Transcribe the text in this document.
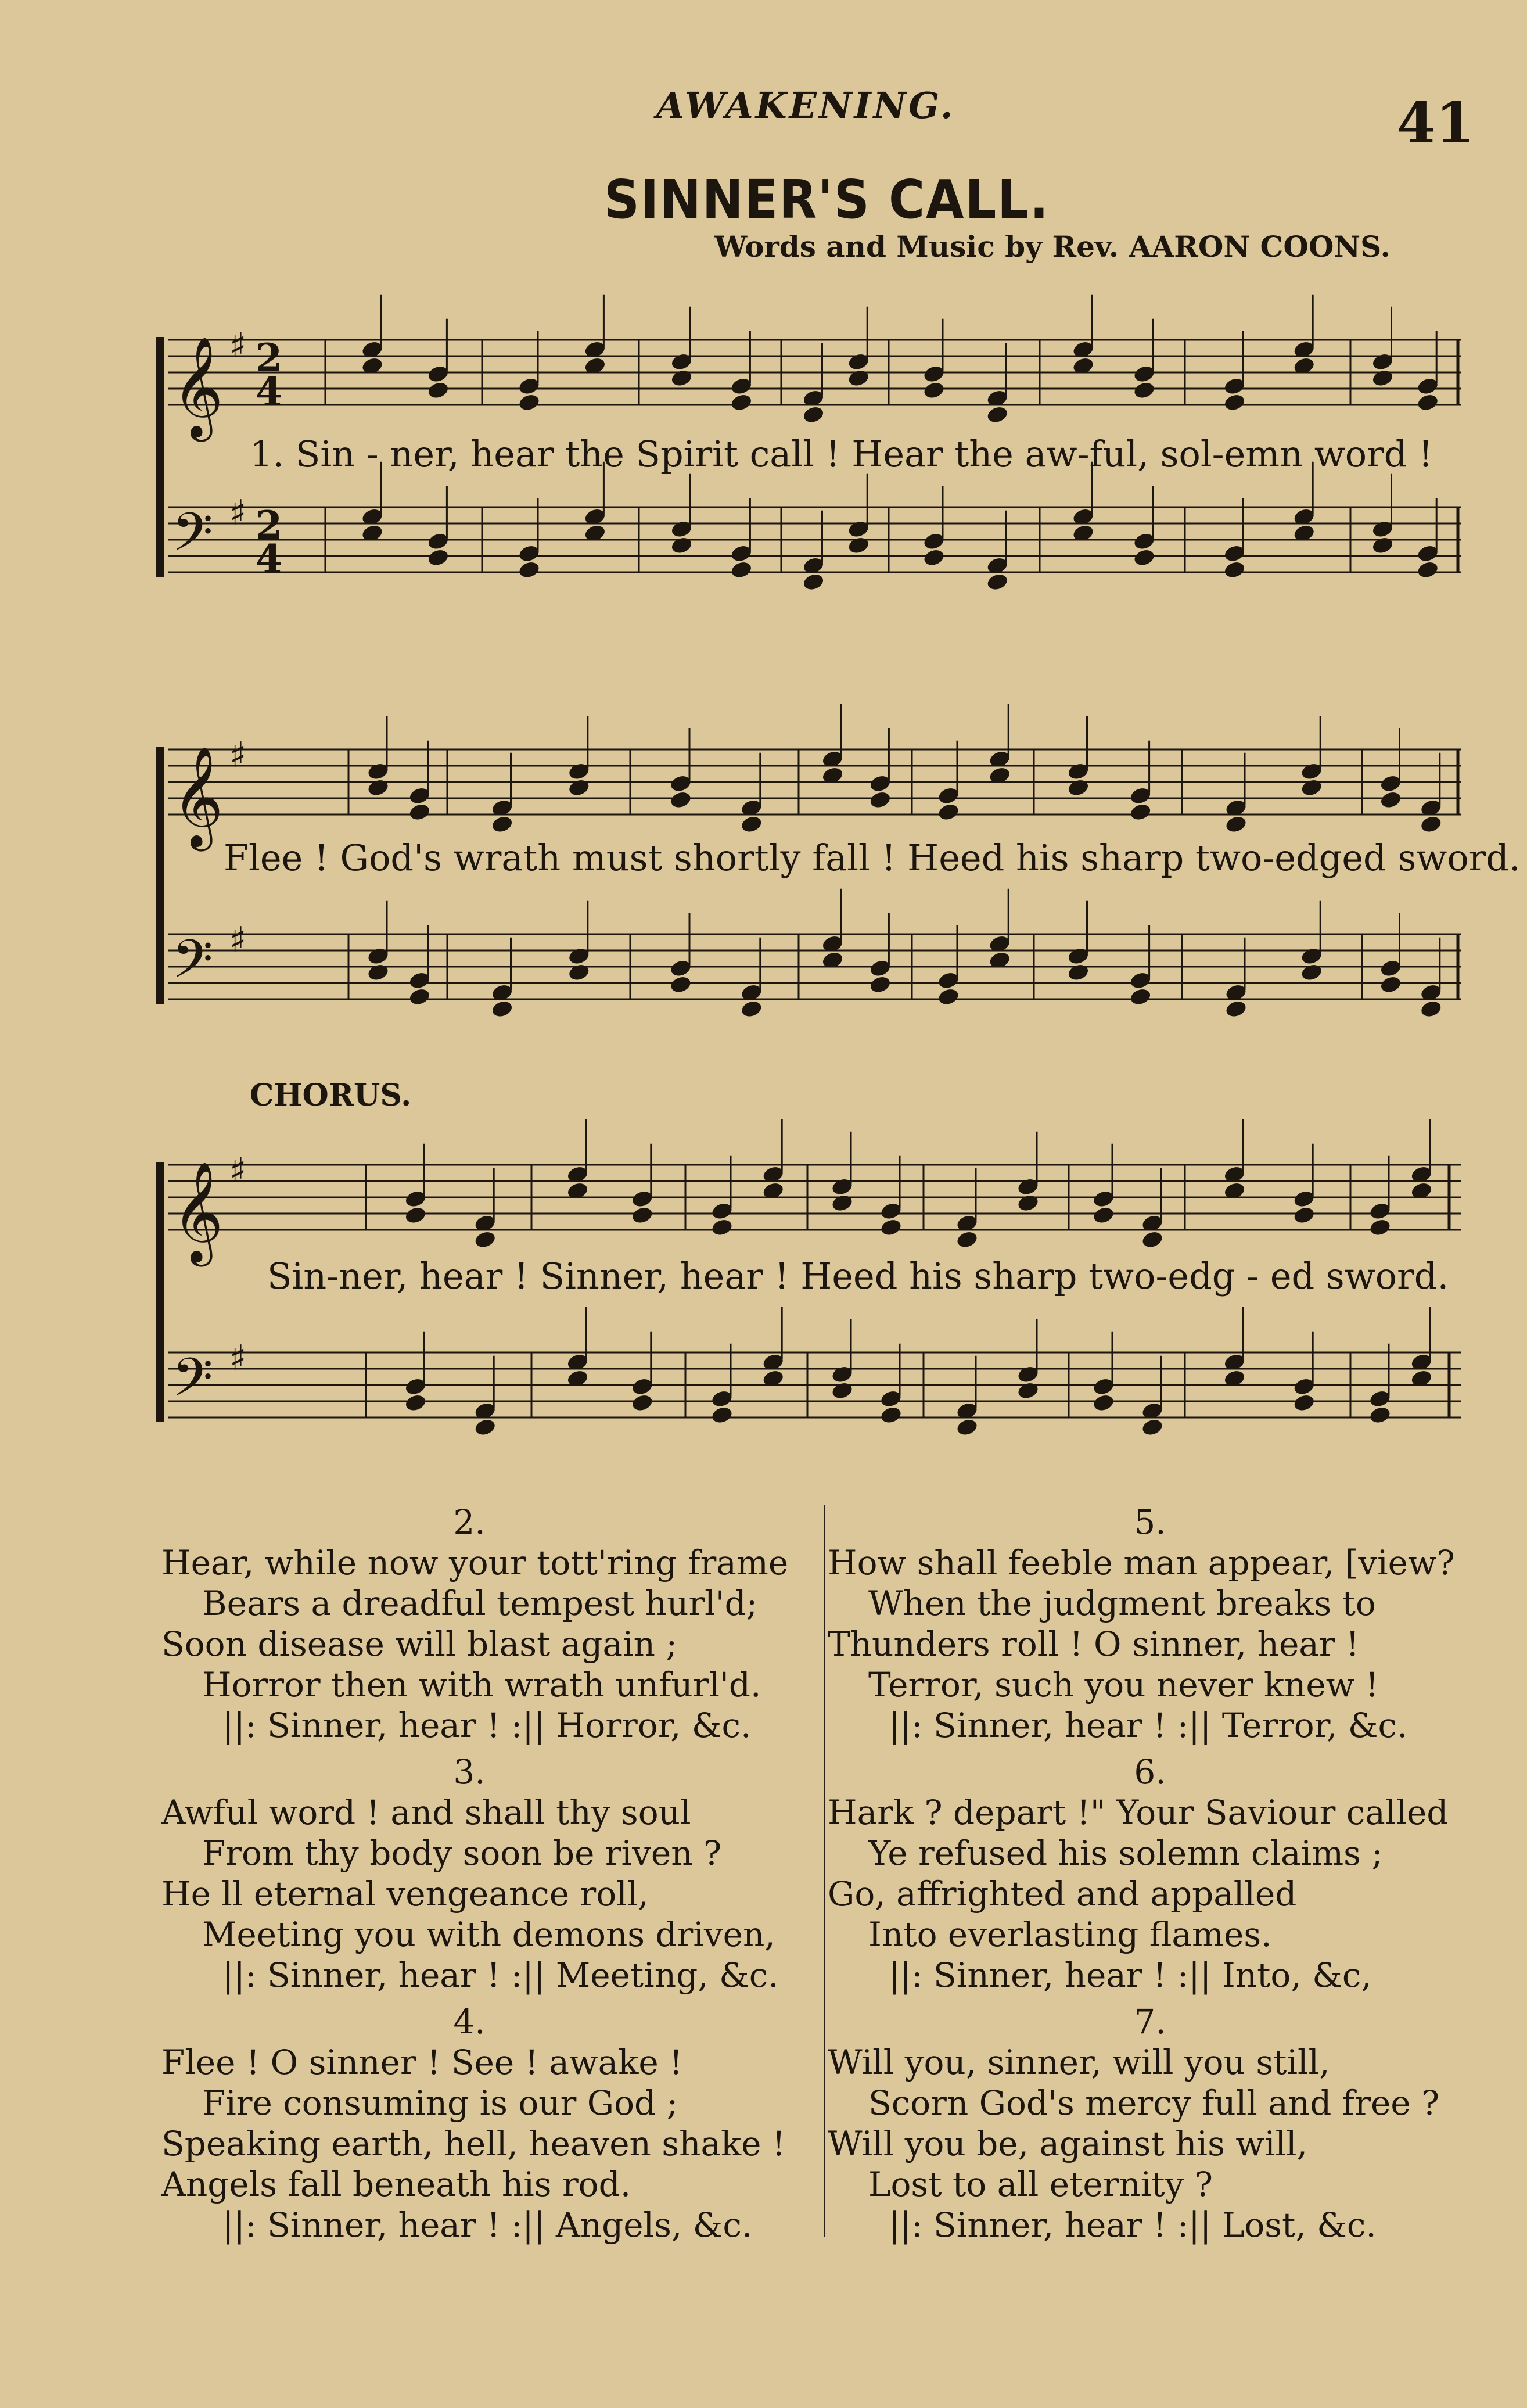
AWAKENING.	41
SINNER'S CALL.
Words and Music by Rev. AARON COONS.
𝄞 ♯ 2
4
𝄢 ♯ 2
4
𝄞 ♯
𝄢 ♯
𝄞 ♯
𝄢 ♯
1. Sin - ner, hear the Spirit call ! Hear the aw-ful, sol-emn word !
Flee ! God's wrath must shortly fall ! Heed his sharp two-edged sword.
CHORUS.
Sin-ner, hear ! Sinner, hear ! Heed his sharp two-edg - ed sword.
2.
Hear, while now your tott'ring frame
Bears a dreadful tempest hurl'd;
Soon disease will blast again ;
Horror then with wrath unfurl'd.
||: Sinner, hear ! :|| Horror, &c.
3.
Awful word ! and shall thy soul
From thy body soon be riven ?
He ll eternal vengeance roll,
Meeting you with demons driven,
||: Sinner, hear ! :|| Meeting, &c.
4.
Flee ! O sinner ! See ! awake !
Fire consuming is our God ;
Speaking earth, hell, heaven shake !
Angels fall beneath his rod.
||: Sinner, hear ! :|| Angels, &c.
5.
How shall feeble man appear, [view?
When the judgment breaks to
Thunders roll ! O sinner, hear !
Terror, such you never knew !
||: Sinner, hear ! :|| Terror, &c.
6.
Hark ? depart !" Your Saviour called
Ye refused his solemn claims ;
Go, affrighted and appalled
Into everlasting flames.
||: Sinner, hear ! :|| Into, &c,
7.
Will you, sinner, will you still,
Scorn God's mercy full and free ?
Will you be, against his will,
Lost to all eternity ?
||: Sinner, hear ! :|| Lost, &c.
